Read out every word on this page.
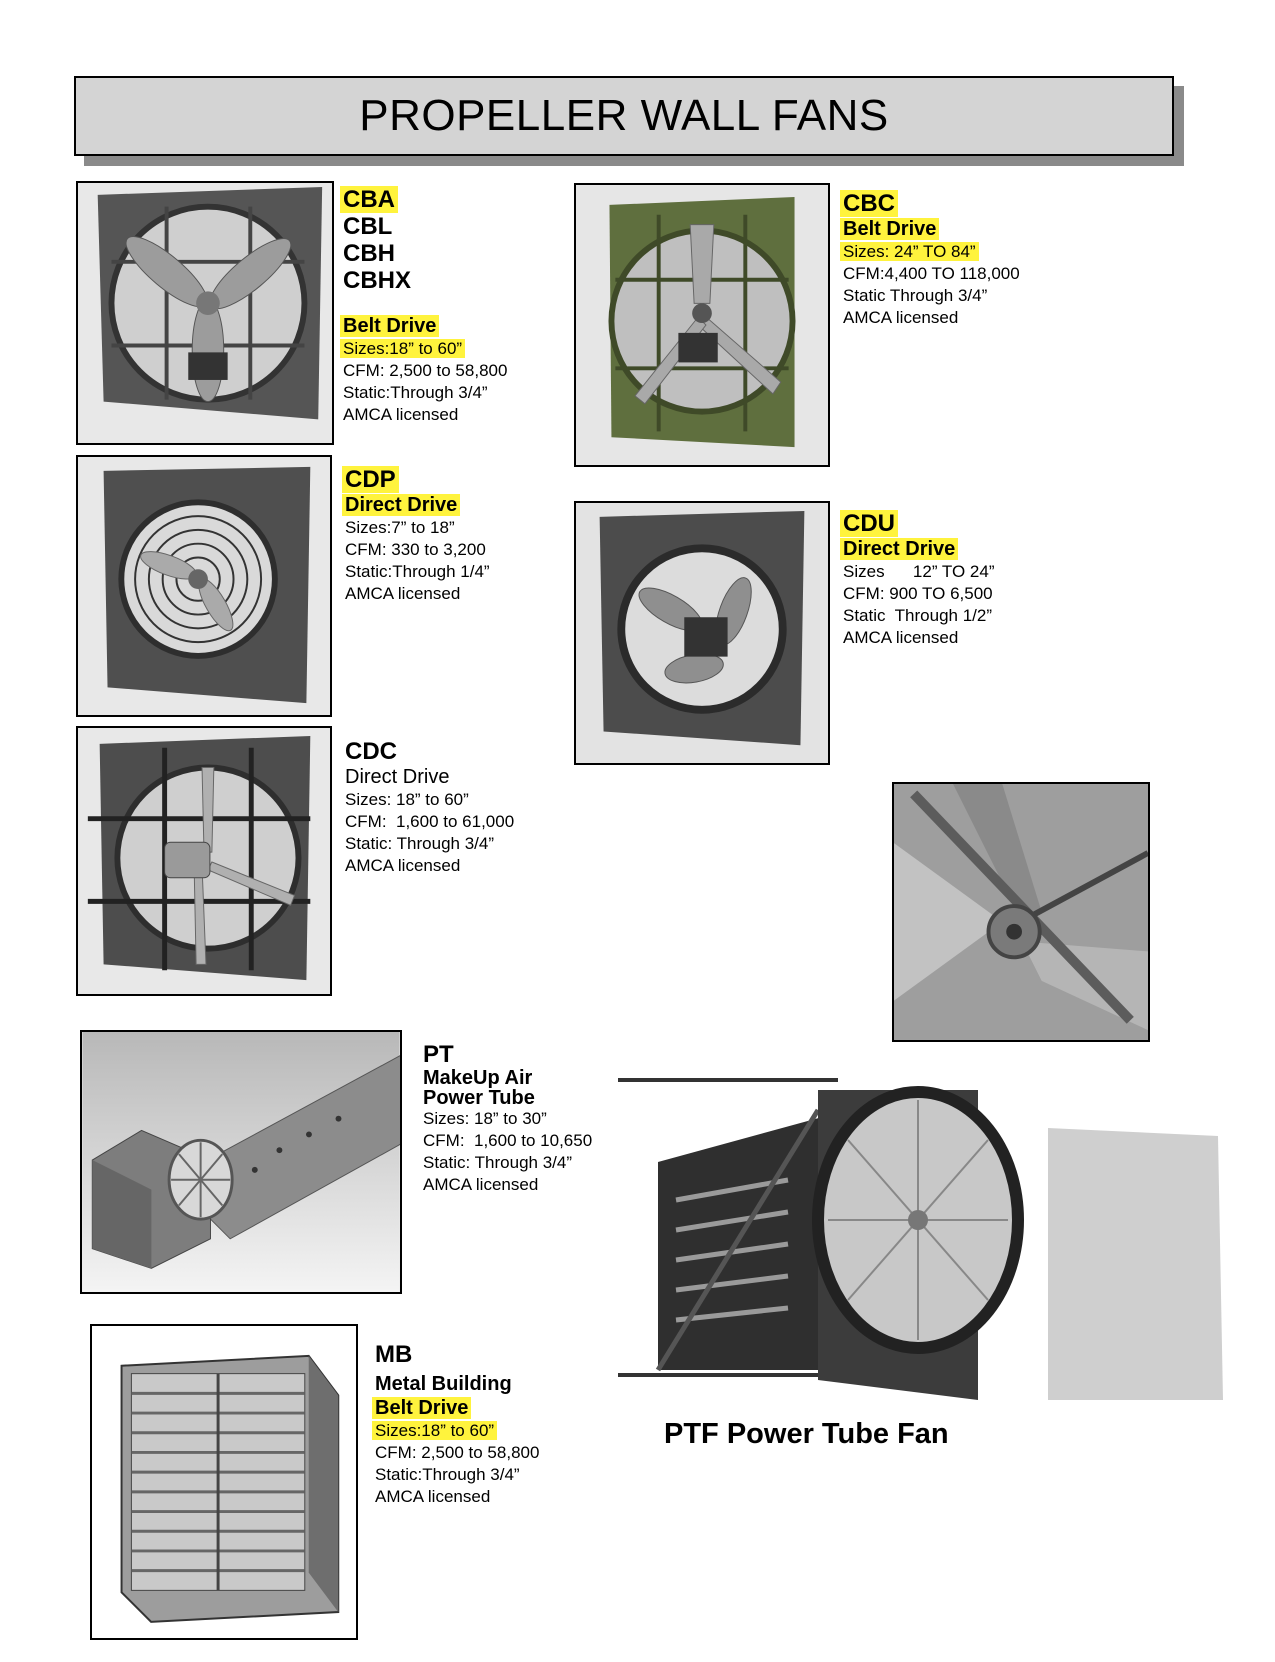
PROPELLER WALL FANS
CBA
CBL
CBH
CBHX
Belt Drive
Sizes:18” to 60”
CFM: 2,500 to 58,800
Static:Through 3/4”
AMCA licensed
CBC
Belt Drive
Sizes: 24” TO 84”
CFM:4,400 TO 118,000
Static Through 3/4”
AMCA licensed
CDP
Direct Drive
Sizes:7” to 18”
CFM: 330 to 3,200
Static:Through 1/4”
AMCA licensed
CDU
Direct Drive
Sizes      12” TO 24”
CFM: 900 TO 6,500
Static  Through 1/2”
AMCA licensed
CDC
Direct Drive
Sizes: 18” to 60”
CFM:  1,600 to 61,000
Static: Through 3/4”
AMCA licensed
PT
MakeUp Air
Power Tube
Sizes: 18” to 30”
CFM:  1,600 to 10,650
Static: Through 3/4”
AMCA licensed
MB
Metal Building
Belt Drive
Sizes:18” to 60”
CFM: 2,500 to 58,800
Static:Through 3/4”
AMCA licensed
PTF Power Tube Fan
